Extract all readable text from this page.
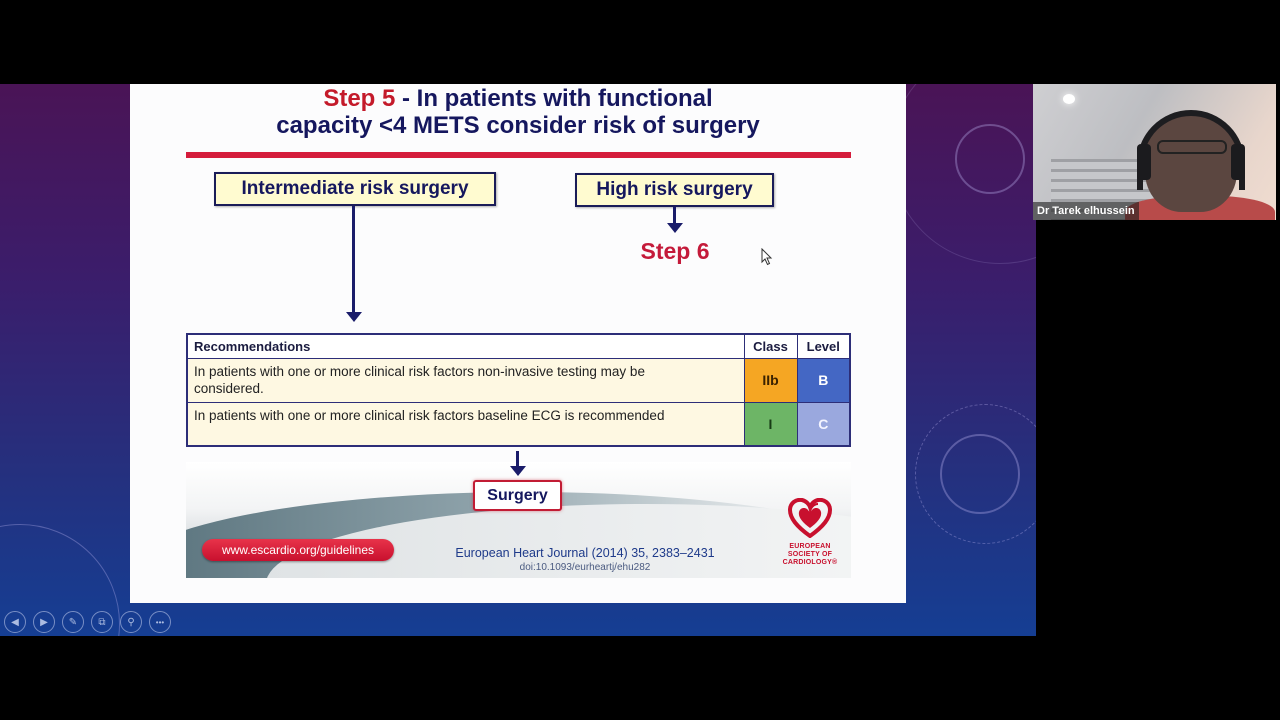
Step 5 - In patients with functional
capacity <4 METS consider risk of surgery
Intermediate risk surgery	High risk surgery
Step 6
Recommendations	Class	Level
In patients with one or more clinical risk factors non-invasive testing may be considered.	IIb	B
In patients with one or more clinical risk factors baseline ECG is recommended	I	C
Surgery
www.escardio.org/guidelines	European Heart Journal (2014) 35, 2383–2431
doi:10.1093/eurheartj/ehu282
EUROPEAN
SOCIETY OF
CARDIOLOGY®
◀	▶	✎	⧉	⚲	•••
Dr Tarek elhussein
